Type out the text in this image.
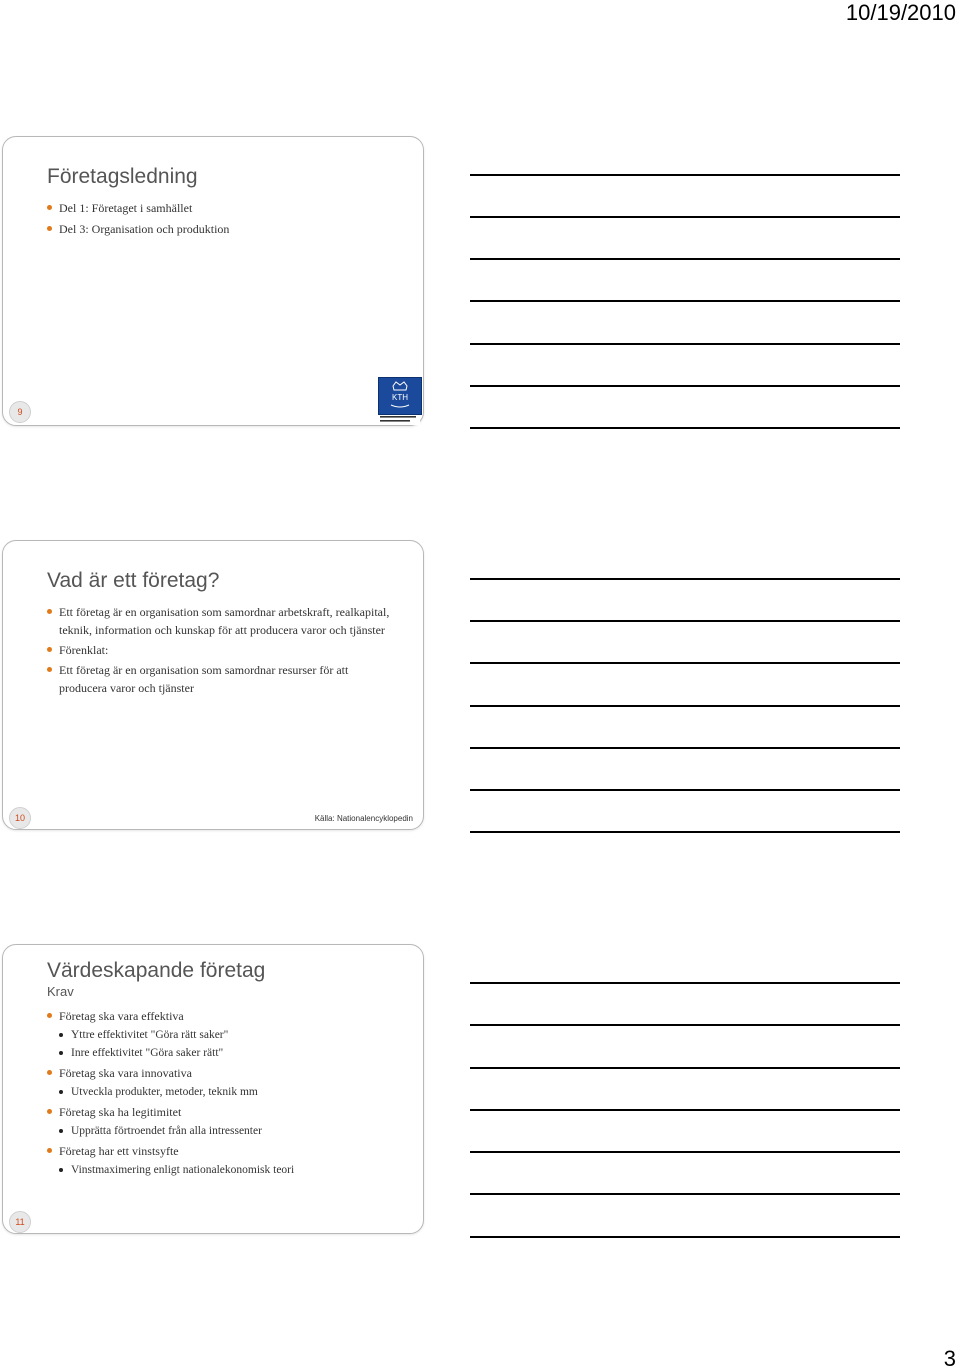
10/19/2010
Företagsledning
Del 1: Företaget i samhället
Del 3: Organisation och produktion
KTH
9
Vad är ett företag?
Ett företag är en organisation som samordnar arbetskraft, realkapital, teknik, information och kunskap för att producera varor och tjänster
Förenklat:
Ett företag är en organisation som samordnar resurser för att producera varor och tjänster
10	Källa: Nationalencyklopedin
Värdeskapande företag
Krav
Företag ska vara effektiva
Yttre effektivitet "Göra rätt saker"
Inre effektivitet "Göra saker rätt"
Företag ska vara innovativa
Utveckla produkter, metoder, teknik mm
Företag ska ha legitimitet
Upprätta förtroendet från alla intressenter
Företag har ett vinstsyfte
Vinstmaximering enligt nationalekonomisk teori
11
3
